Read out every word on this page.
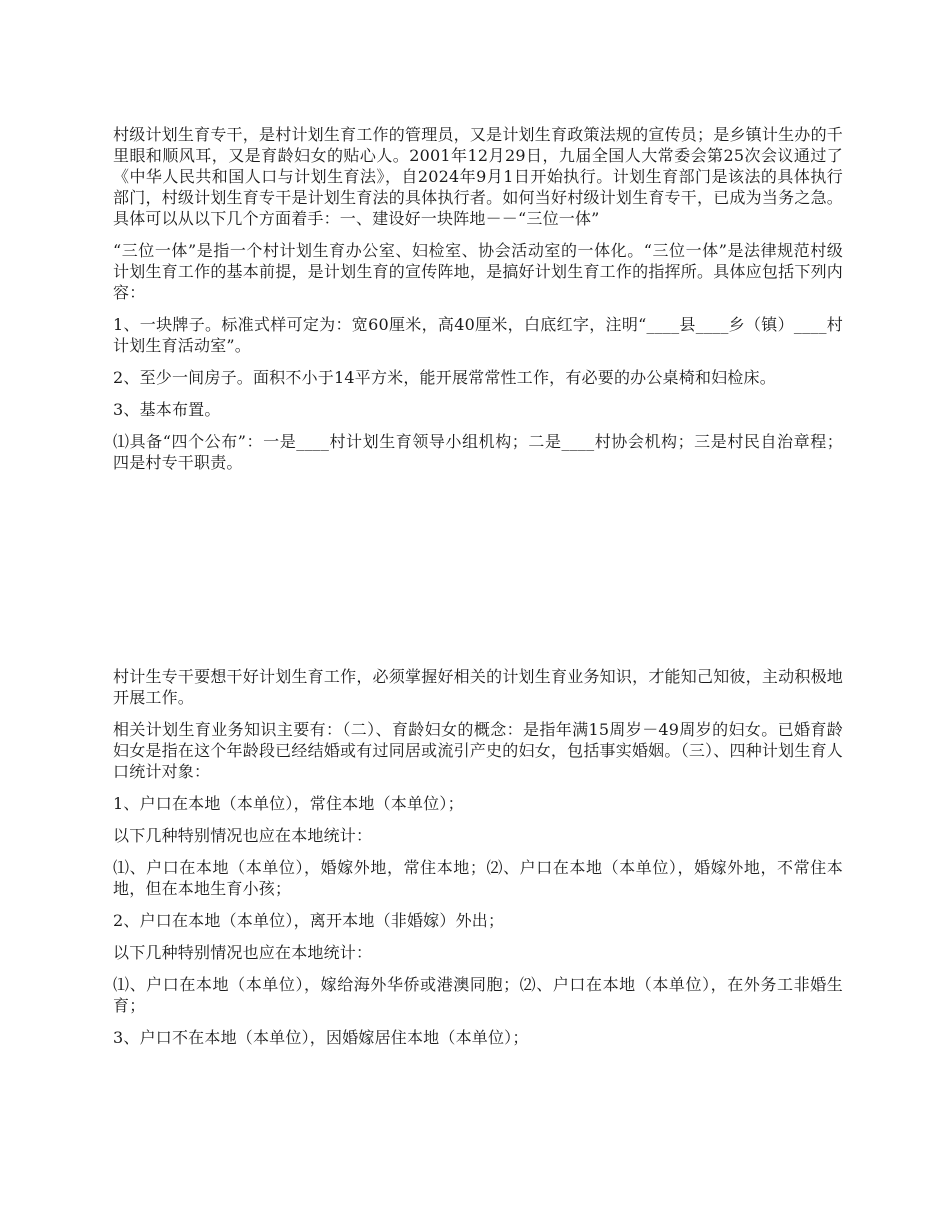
村级计划生育专干，是村计划生育工作的管理员，又是计划生育政策法规的宣传员；是乡镇计生办的千里眼和顺风耳，又是育龄妇女的贴心人。2001年12月29日，九届全国人大常委会第25次会议通过了《中华人民共和国人口与计划生育法》，自2024年9月1日开始执行。计划生育部门是该法的具体执行部门，村级计划生育专干是计划生育法的具体执行者。如何当好村级计划生育专干，已成为当务之急。具体可以从以下几个方面着手：一、建设好一块阵地－－“三位一体”

“三位一体”是指一个村计划生育办公室、妇检室、协会活动室的一体化。“三位一体”是法律规范村级计划生育工作的基本前提，是计划生育的宣传阵地，是搞好计划生育工作的指挥所。具体应包括下列内容：

1、一块牌子。标准式样可定为：宽60厘米，高40厘米，白底红字，注明“____县____乡（镇）____村计划生育活动室”。

2、至少一间房子。面积不小于14平方米，能开展常常性工作，有必要的办公桌椅和妇检床。

3、基本布置。

⑴具备“四个公布”：一是____村计划生育领导小组机构；二是____村协会机构；三是村民自治章程；四是村专干职责。

村计生专干要想干好计划生育工作，必须掌握好相关的计划生育业务知识，才能知己知彼，主动积极地开展工作。

相关计划生育业务知识主要有：（二）、育龄妇女的概念：是指年满15周岁－49周岁的妇女。已婚育龄妇女是指在这个年龄段已经结婚或有过同居或流引产史的妇女，包括事实婚姻。（三）、四种计划生育人口统计对象：

1、户口在本地（本单位），常住本地（本单位）；

以下几种特别情况也应在本地统计：

⑴、户口在本地（本单位），婚嫁外地，常住本地；⑵、户口在本地（本单位），婚嫁外地，不常住本地，但在本地生育小孩；

2、户口在本地（本单位），离开本地（非婚嫁）外出；

以下几种特别情况也应在本地统计：

⑴、户口在本地（本单位），嫁给海外华侨或港澳同胞；⑵、户口在本地（本单位），在外务工非婚生育；

3、户口不在本地（本单位），因婚嫁居住本地（本单位）；
